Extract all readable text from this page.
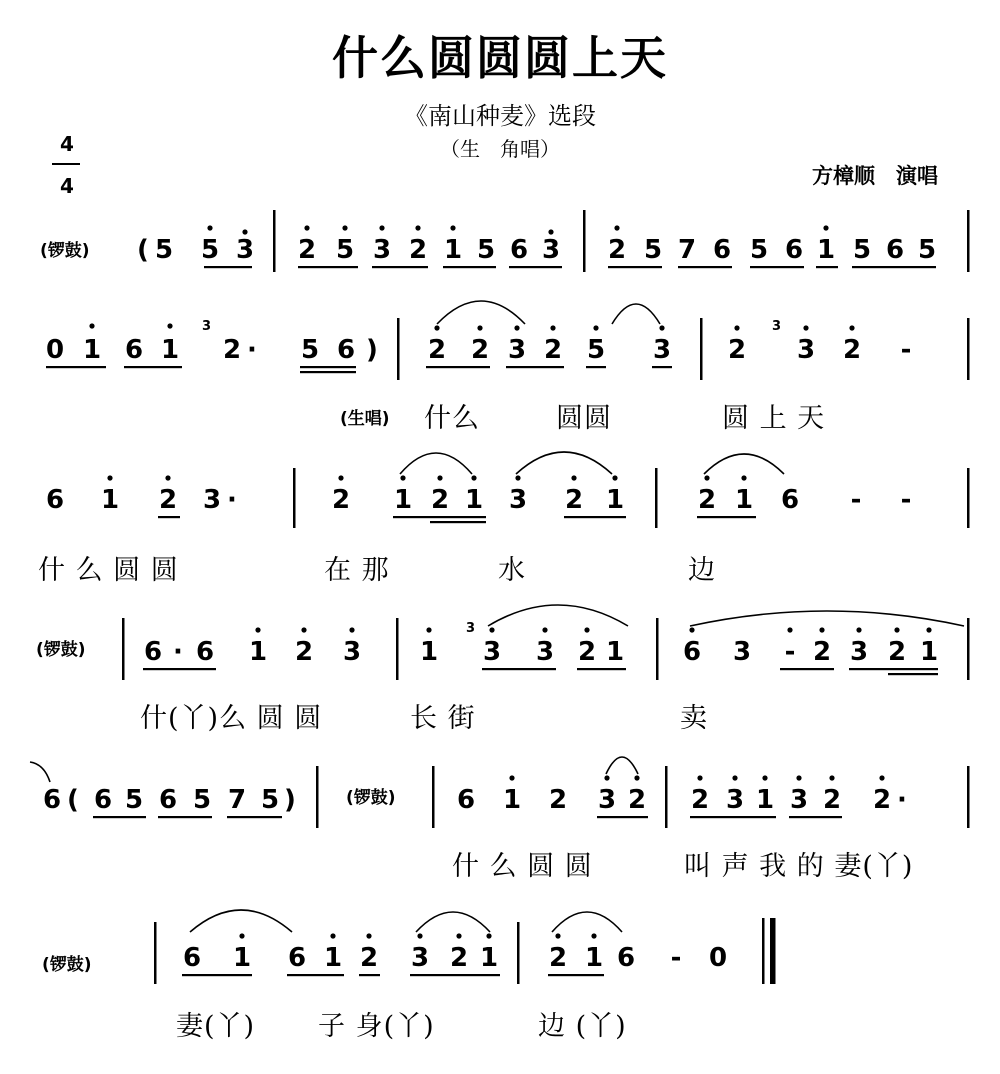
什么圆圆圆上天
《南山种麦》选段
（生　角唱）
方樟顺　演唱
4
4
( 5 5 3 2 5 3 2 1 5 6 3 2 5 7 6 5 6 1 5 6 5
0 1 6 1 2 · 5 6 ) 2 2 3 2 5 3 2 3 2 -
3	3
6 1 2 3 ·	2 1 2 1 3 2 1	2 1 6 - -
6 · 6 1 2 3 1 3 3 2 1 6 3 - 2 3 2 1
3
6 ( 6 5 6 5 7 5 )	6 1 2 3 2 2 3 1 3 2 2 ·
6 1 6 1 2 3 2 1 2 1 6 - 0
(锣鼓)
(锣鼓)
(锣鼓)
(锣鼓)
(生唱) 什么	圆圆	圆 上 天
什 么 圆 圆	在 那	水	边
什(丫)么 圆 圆	长 街	卖
什 么 圆 圆	叫 声 我 的 妻(丫)
妻(丫) 子 身(丫)	边 (丫)
